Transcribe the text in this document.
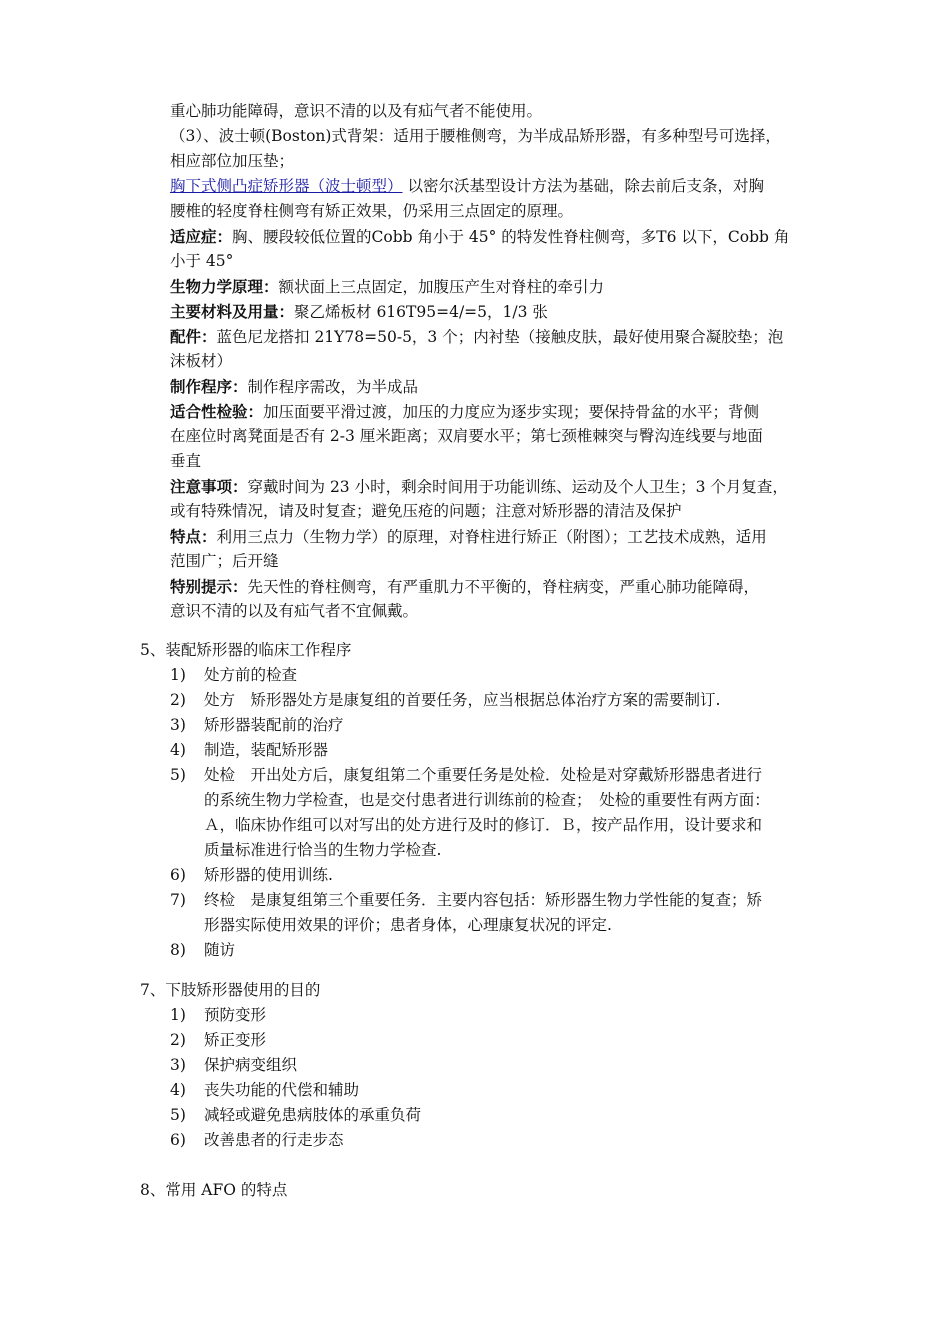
重心肺功能障碍，意识不清的以及有疝气者不能使用。
（3）、波士顿(Boston)式背架：适用于腰椎侧弯，为半成品矫形器，有多种型号可选择，
相应部位加压垫；
胸下式侧凸症矫形器（波士顿型） 以密尔沃基型设计方法为基础，除去前后支条，对胸
腰椎的轻度脊柱侧弯有矫正效果，仍采用三点固定的原理。
适应症：胸、腰段较低位置的Cobb 角小于 45° 的特发性脊柱侧弯，多T6 以下，Cobb 角
小于 45°
生物力学原理：额状面上三点固定，加腹压产生对脊柱的牵引力
主要材料及用量：聚乙烯板材 616T95=4/=5，1/3 张
配件：蓝色尼龙搭扣 21Y78=50-5，3 个；内衬垫（接触皮肤，最好使用聚合凝胶垫；泡
沫板材）
制作程序：制作程序需改，为半成品
适合性检验：加压面要平滑过渡，加压的力度应为逐步实现；要保持骨盆的水平；背侧
在座位时离凳面是否有 2-3 厘米距离；双肩要水平；第七颈椎棘突与臀沟连线要与地面
垂直
注意事项：穿戴时间为 23 小时，剩余时间用于功能训练、运动及个人卫生；3 个月复查，
或有特殊情况，请及时复查；避免压疮的问题；注意对矫形器的清洁及保护
特点：利用三点力（生物力学）的原理，对脊柱进行矫正（附图）；工艺技术成熟，适用
范围广；后开缝
特别提示：先天性的脊柱侧弯，有严重肌力不平衡的，脊柱病变，严重心肺功能障碍，
意识不清的以及有疝气者不宜佩戴。
5、装配矫形器的临床工作程序
1) 处方前的检查
2) 处方　矫形器处方是康复组的首要任务，应当根据总体治疗方案的需要制订.
3) 矫形器装配前的治疗
4) 制造，装配矫形器
5) 处检　开出处方后，康复组第二个重要任务是处检．处检是对穿戴矫形器患者进行
的系统生物力学检查，也是交付患者进行训练前的检查；　处检的重要性有两方面：
Ａ，临床协作组可以对写出的处方进行及时的修订．Ｂ，按产品作用，设计要求和
质量标准进行恰当的生物力学检查.
6) 矫形器的使用训练.
7) 终检　是康复组第三个重要任务．主要内容包括：矫形器生物力学性能的复查；矫
形器实际使用效果的评价；患者身体，心理康复状况的评定.
8) 随访
7、下肢矫形器使用的目的
1) 预防变形
2) 矫正变形
3) 保护病变组织
4) 丧失功能的代偿和辅助
5) 减轻或避免患病肢体的承重负荷
6) 改善患者的行走步态
8、常用 AFO 的特点
